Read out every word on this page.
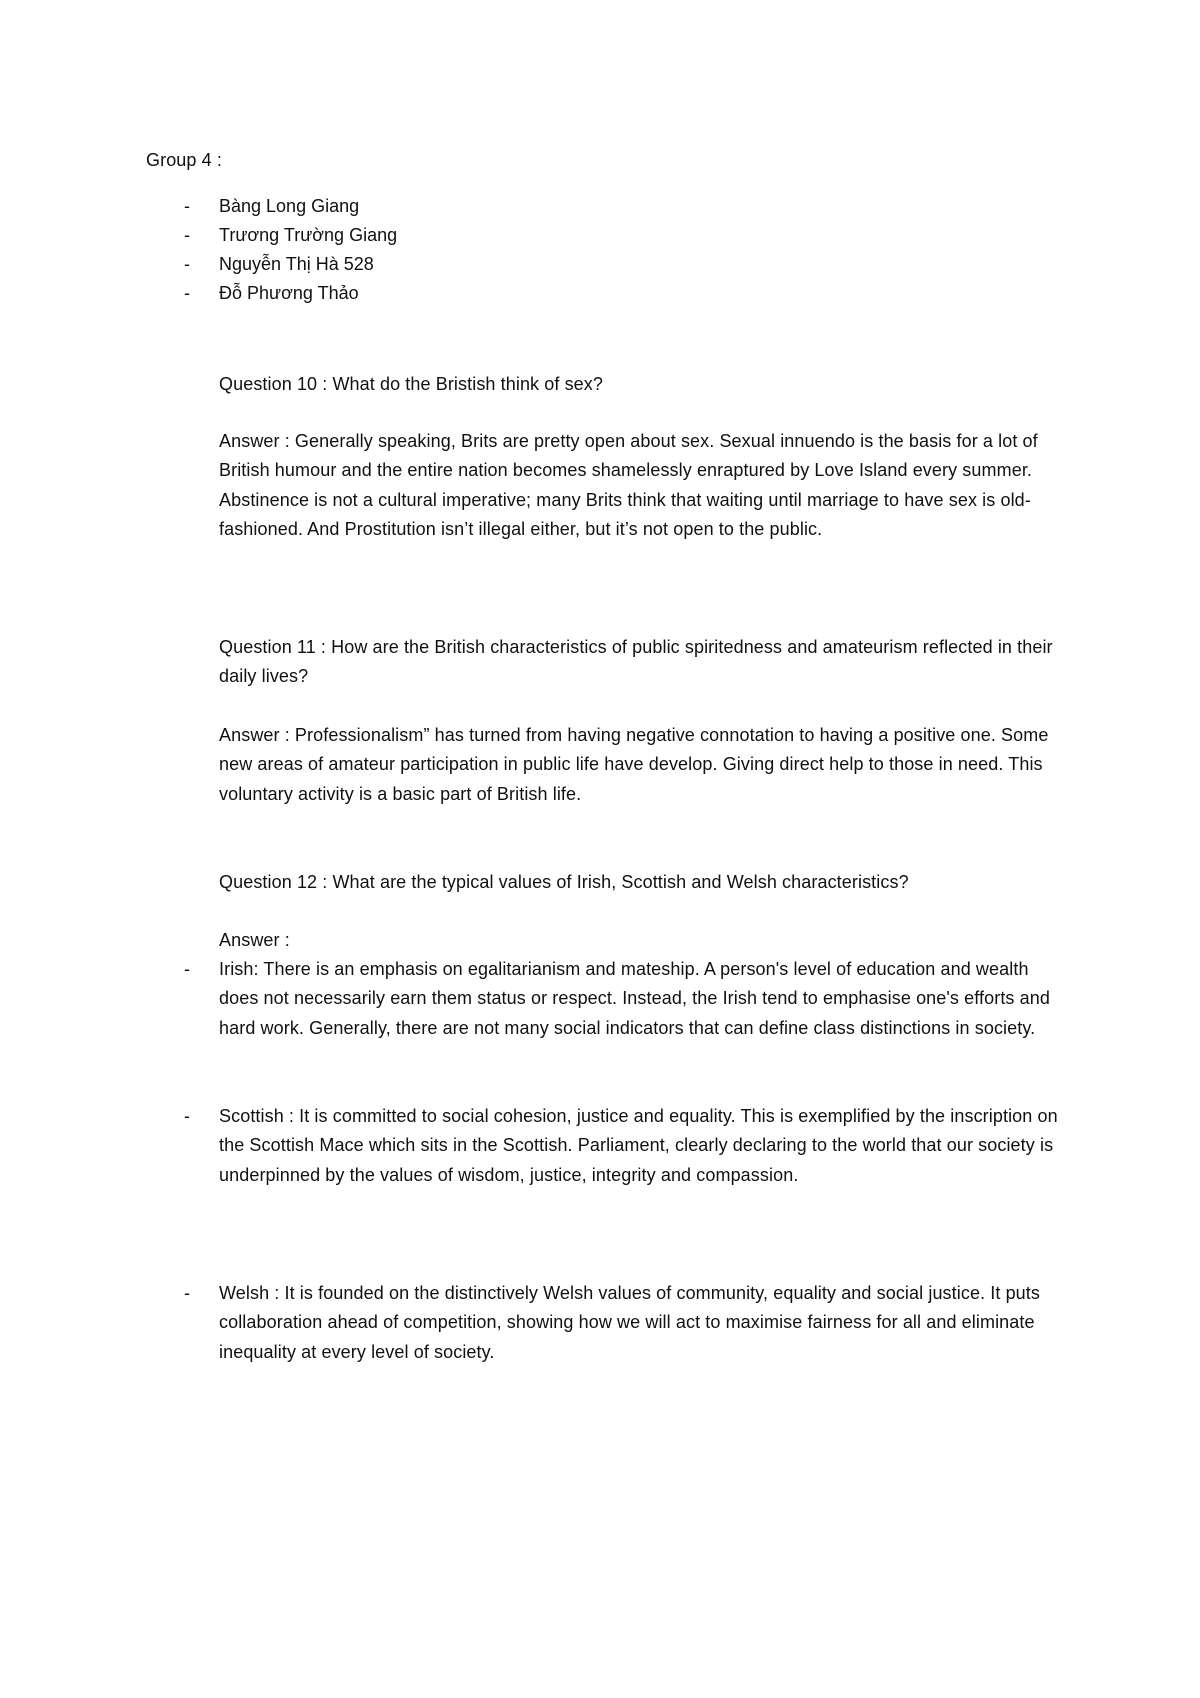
Group 4 :
- Bàng Long Giang
- Trương Trường Giang
- Nguyễn Thị Hà 528
- Đỗ Phương Thảo
Question 10 : What do the Bristish think of sex?
Answer : Generally speaking, Brits are pretty open about sex. Sexual innuendo is the basis for a lot of British humour and the entire nation becomes shamelessly enraptured by Love Island every summer. Abstinence is not a cultural imperative; many Brits think that waiting until marriage to have sex is old-fashioned. And Prostitution isn’t illegal either, but it’s not open to the public.
Question 11 : How are the British characteristics of public spiritedness and amateurism reflected in their daily lives?
Answer : Professionalism” has turned from having negative connotation to having a positive one. Some new areas of amateur participation in public life have develop. Giving direct help to those in need. This voluntary activity is a basic part of British life.
Question 12 : What are the typical values of Irish, Scottish and Welsh characteristics?
Answer :
- Irish: There is an emphasis on egalitarianism and mateship. A person's level of education and wealth does not necessarily earn them status or respect. Instead, the Irish tend to emphasise one's efforts and hard work. Generally, there are not many social indicators that can define class distinctions in society.
- Scottish : It is committed to social cohesion, justice and equality. This is exemplified by the inscription on the Scottish Mace which sits in the Scottish. Parliament, clearly declaring to the world that our society is underpinned by the values of wisdom, justice, integrity and compassion.
- Welsh : It is founded on the distinctively Welsh values of community, equality and social justice. It puts collaboration ahead of competition, showing how we will act to maximise fairness for all and eliminate inequality at every level of society.
